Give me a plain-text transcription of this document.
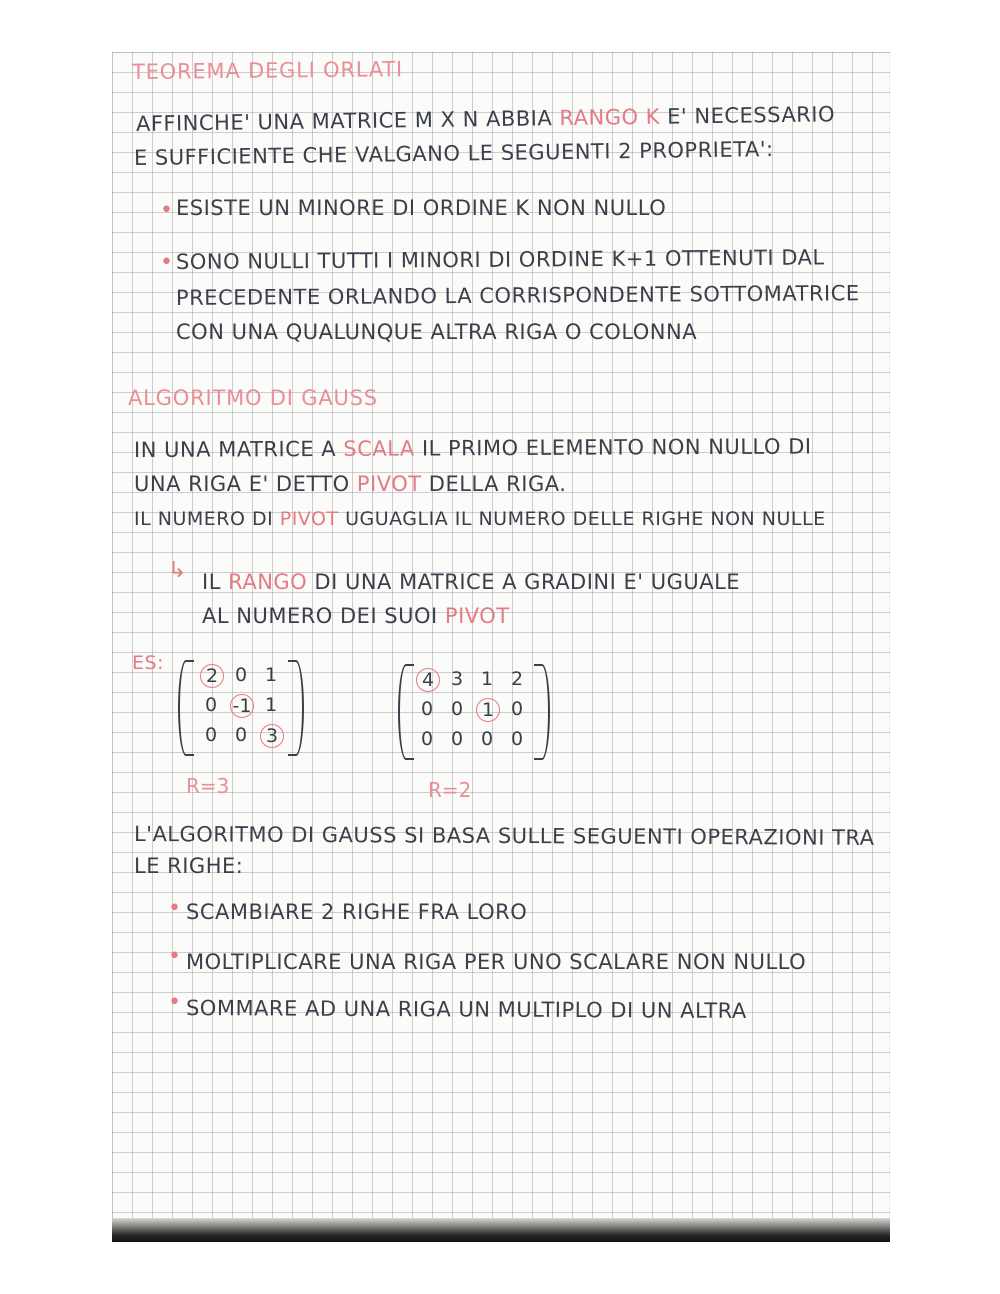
TEOREMA DEGLI ORLATI
AFFINCHE' UNA MATRICE M X N ABBIA RANGO K E' NECESSARIO
E SUFFICIENTE CHE VALGANO LE SEGUENTI 2 PROPRIETA':
• ESISTE UN MINORE DI ORDINE K NON NULLO
• SONO NULLI TUTTI I MINORI DI ORDINE K+1 OTTENUTI DAL
PRECEDENTE ORLANDO LA CORRISPONDENTE SOTTOMATRICE
CON UNA QUALUNQUE ALTRA RIGA O COLONNA
ALGORITMO DI GAUSS
IN UNA MATRICE A SCALA IL PRIMO ELEMENTO NON NULLO DI
UNA RIGA E' DETTO PIVOT DELLA RIGA.
IL NUMERO DI PIVOT UGUAGLIA IL NUMERO DELLE RIGHE NON NULLE
↳ IL RANGO DI UNA MATRICE A GRADINI E' UGUALE
AL NUMERO DEI SUOI PIVOT
ES:
2 0 1
0 -1 1
0 0 3
R=3
4 3 1 2
0 0 1 0
0 0 0 0
R=2
L'ALGORITMO DI GAUSS SI BASA SULLE SEGUENTI OPERAZIONI TRA
LE RIGHE:
• SCAMBIARE 2 RIGHE FRA LORO
• MOLTIPLICARE UNA RIGA PER UNO SCALARE NON NULLO
• SOMMARE AD UNA RIGA UN MULTIPLO DI UN ALTRA
